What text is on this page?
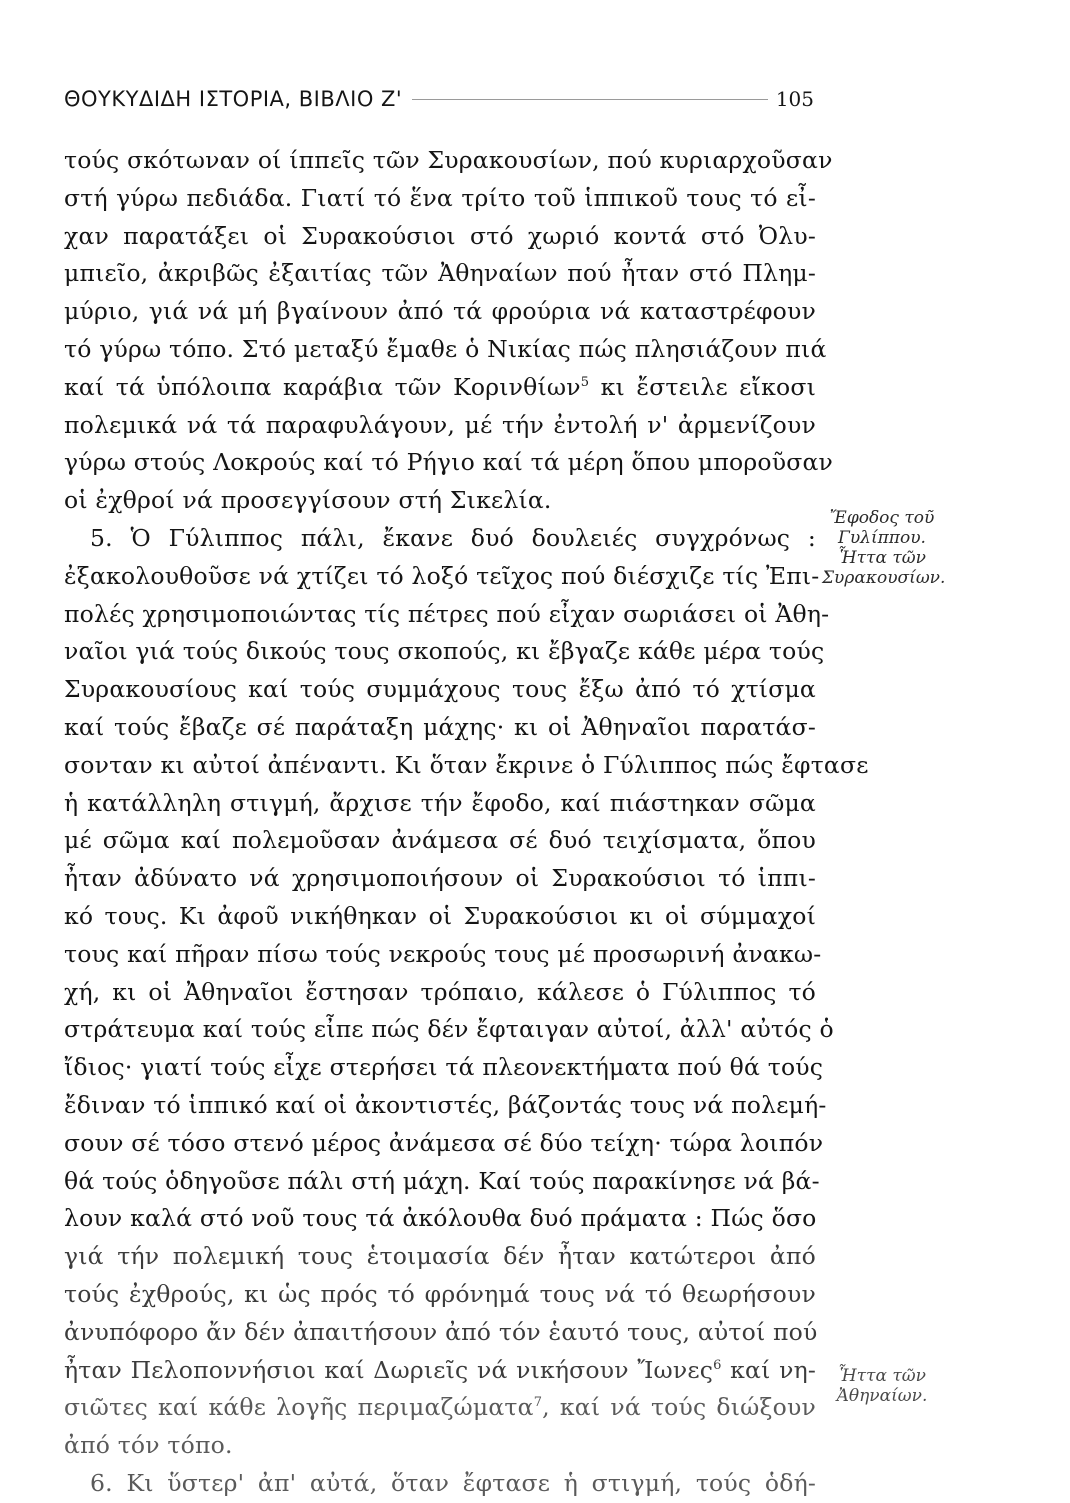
ΘΟΥΚΥΔΙΔΗ ΙΣΤΟΡΙΑ, ΒΙΒΛΙΟ Ζ'	105
τούς σκότωναν οί ίππεῖς τῶν Συρακουσίων, πού κυριαρχοῦσαν
στή γύρω πεδιάδα. Γιατί τό ἕνα τρίτο τοῦ ἱππικοῦ τους τό εἶ-
χαν παρατάξει οἱ Συρακούσιοι στό χωριό κοντά στό Ὀλυ-
μπιεῖο, ἀκριβῶς ἐξαιτίας τῶν Ἀθηναίων πού ἦταν στό Πλημ-
μύριο, γιά νά μή βγαίνουν ἀπό τά φρούρια νά καταστρέφουν
τό γύρω τόπο. Στό μεταξύ ἔμαθε ὁ Νικίας πώς πλησιάζουν πιά
καί τά ὑπόλοιπα καράβια τῶν Κορινθίων$^5$ κι ἔστειλε εἴκοσι
πολεμικά νά τά παραφυλάγουν, μέ τήν ἐντολή ν' ἀρμενίζουν
γύρω στούς Λοκρούς καί τό Ρήγιο καί τά μέρη ὅπου μποροῦσαν
οἱ ἐχθροί νά προσεγγίσουν στή Σικελία.
5. Ὁ Γύλιππος πάλι, ἔκανε δυό δουλειές συγχρόνως :
ἐξακολουθοῦσε νά χτίζει τό λοξό τεῖχος πού διέσχιζε τίς Ἐπι-
πολές χρησιμοποιώντας τίς πέτρες πού εἶχαν σωριάσει οἱ Ἀθη-
ναῖοι γιά τούς δικούς τους σκοπούς, κι ἔβγαζε κάθε μέρα τούς
Συρακουσίους καί τούς συμμάχους τους ἔξω ἀπό τό χτίσμα
καί τούς ἔβαζε σέ παράταξη μάχης· κι οἱ Ἀθηναῖοι παρατάσ-
σονταν κι αὐτοί ἀπέναντι. Κι ὅταν ἔκρινε ὁ Γύλιππος πώς ἔφτασε
ἡ κατάλληλη στιγμή, ἄρχισε τήν ἔφοδο, καί πιάστηκαν σῶμα
μέ σῶμα καί πολεμοῦσαν ἀνάμεσα σέ δυό τειχίσματα, ὅπου
ἦταν ἀδύνατο νά χρησιμοποιήσουν οἱ Συρακούσιοι τό ἱππι-
κό τους. Κι ἀφοῦ νικήθηκαν οἱ Συρακούσιοι κι οἱ σύμμαχοί
τους καί πῆραν πίσω τούς νεκρούς τους μέ προσωρινή ἀνακω-
χή, κι οἱ Ἀθηναῖοι ἔστησαν τρόπαιο, κάλεσε ὁ Γύλιππος τό
στράτευμα καί τούς εἶπε πώς δέν ἔφταιγαν αὐτοί, ἀλλ' αὐτός ὁ
ἴδιος· γιατί τούς εἶχε στερήσει τά πλεονεκτήματα πού θά τούς
ἔδιναν τό ἱππικό καί οἱ ἀκοντιστές, βάζοντάς τους νά πολεμή-
σουν σέ τόσο στενό μέρος ἀνάμεσα σέ δύο τείχη· τώρα λοιπόν
θά τούς ὁδηγοῦσε πάλι στή μάχη. Καί τούς παρακίνησε νά βά-
λουν καλά στό νοῦ τους τά ἀκόλουθα δυό πράματα : Πώς ὅσο
γιά τήν πολεμική τους ἑτοιμασία δέν ἦταν κατώτεροι ἀπό
τούς ἐχθρούς, κι ὡς πρός τό φρόνημά τους νά τό θεωρήσουν
ἀνυπόφορο ἄν δέν ἀπαιτήσουν ἀπό τόν ἑαυτό τους, αὐτοί πού
ἦταν Πελοποννήσιοι καί Δωριεῖς νά νικήσουν Ἴωνες$^6$ καί νη-
σιῶτες καί κάθε λογῆς περιμαζώματα$^7$, καί νά τούς διώξουν
ἀπό τόν τόπο.
6. Κι ὕστερ' ἀπ' αὐτά, ὅταν ἔφτασε ἡ στιγμή, τούς ὁδή-
Ἔφοδος τοῦ
Γυλίππου.
Ἧττα τῶν
Συρακουσίων.
Ἧττα τῶν
Ἀθηναίων.
